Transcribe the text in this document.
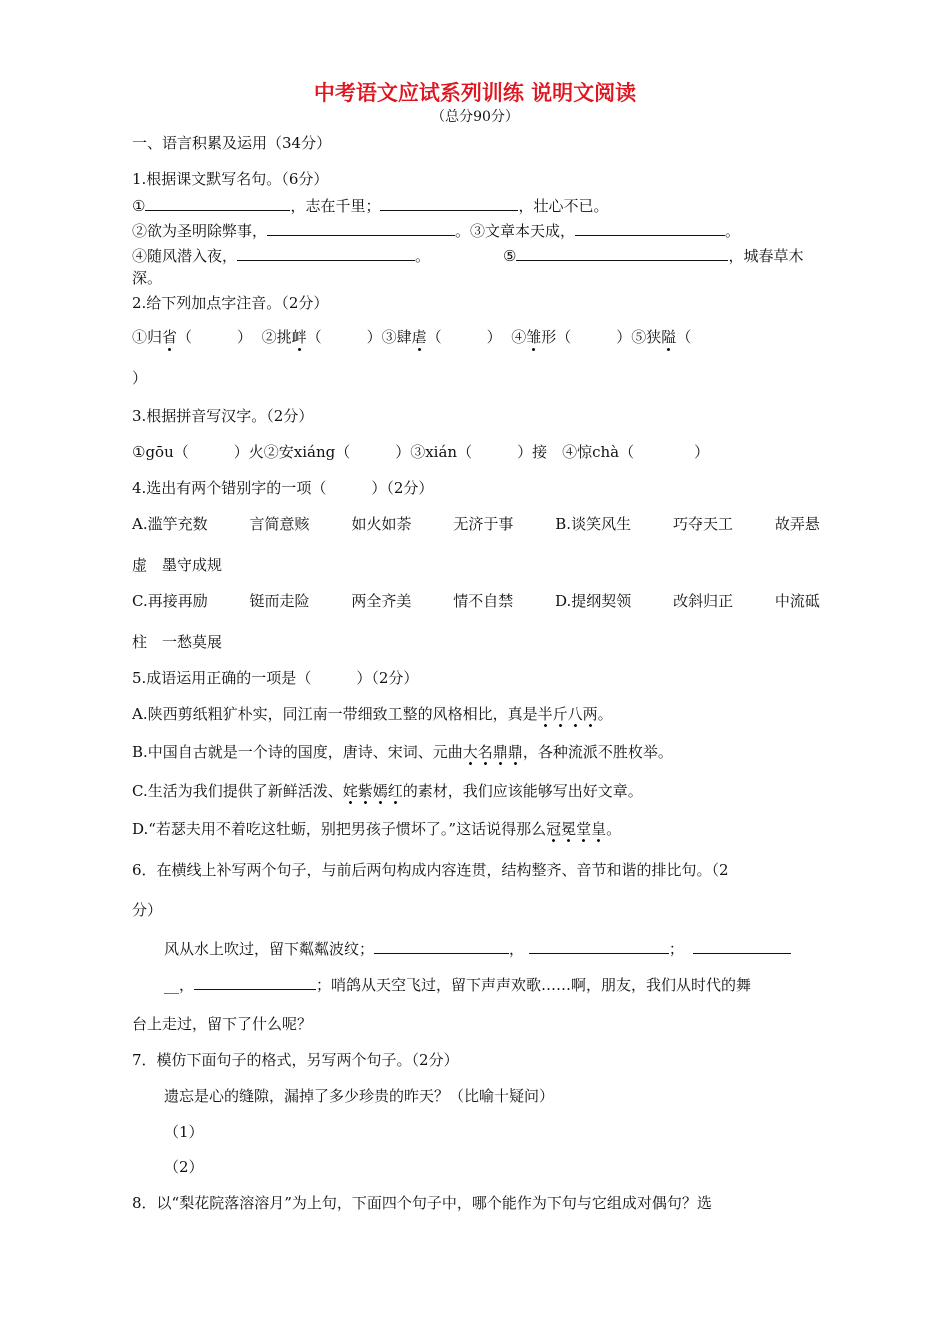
中考语文应试系列训练 说明文阅读
（总分90分）
一、语言积累及运用（34分）
1.根据课文默写名句。（6分）
①	，志在千里；	，壮心不已。
②欲为圣明除弊事，	。③文章本天成，	。
④随风潜入夜，	。	⑤	，城春草木
深。
2.给下列加点字注音。（2分）
①归省（　　　） ②挑衅（　　　）③肆虐（　　　） ④雏形（　　　）⑤狭隘（
）
3.根据拼音写汉字。（2分）
①gōu（　　　）火②安xiáng（　　　）③xián（　　　）接　④惊chà（　　　　）
4.选出有两个错别字的一项（　　　）（2分）
A.滥竽充数	言简意赅	如火如荼	无济于事	B.谈笑风生	巧夺天工	故弄悬
虚　墨守成规
C.再接再励	铤而走险	两全齐美	情不自禁	D.提纲契领	改斜归正	中流砥
柱　一愁莫展
5.成语运用正确的一项是（　　　）（2分）
A.陕西剪纸粗犷朴实，同江南一带细致工整的风格相比，真是半斤八两。
B.中国自古就是一个诗的国度，唐诗、宋词、元曲大名鼎鼎，各种流派不胜枚举。
C.生活为我们提供了新鲜活泼、姹紫嫣红的素材，我们应该能够写出好文章。
D.“若瑟夫用不着吃这牡蛎，别把男孩子惯坏了。”这话说得那么冠冕堂皇。
6．在横线上补写两个句子，与前后两句构成内容连贯，结构整齐、音节和谐的排比句。（2
分）
风从水上吹过，留下粼粼波纹；	，	；
__，	；哨鸽从天空飞过，留下声声欢歌……啊，朋友，我们从时代的舞
台上走过，留下了什么呢？
7．模仿下面句子的格式，另写两个句子。（2分）
遗忘是心的缝隙，漏掉了多少珍贵的昨天？（比喻十疑问）
（1）
（2）
8．以“梨花院落溶溶月”为上句，下面四个句子中，哪个能作为下句与它组成对偶句？选
